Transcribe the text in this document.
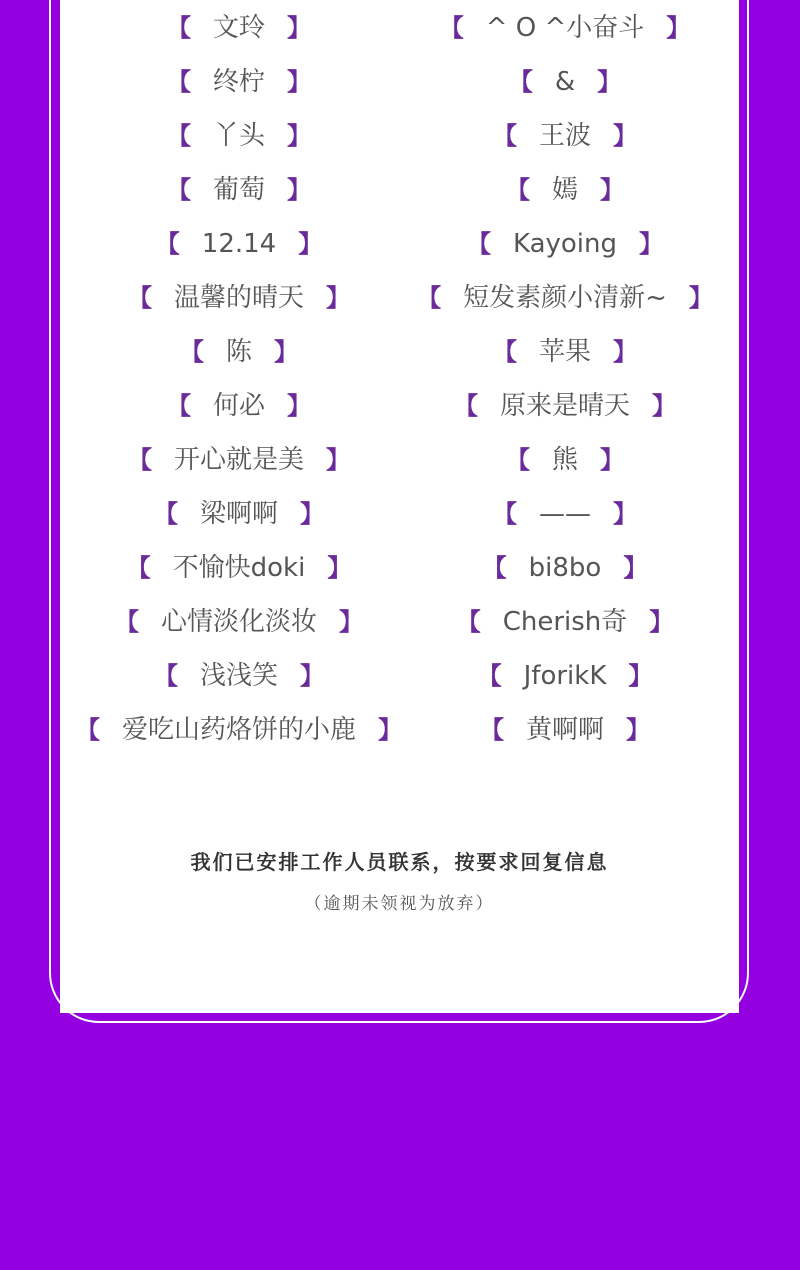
【 文玲 】
【 终柠 】
【 丫头 】
【 葡萄 】
【 12.14 】
【 温馨的晴天 】
【 陈 】
【 何必 】
【 开心就是美 】
【 梁啊啊 】
【 不愉快doki 】
【 心情淡化淡妆 】
【 浅浅笑 】
【 爱吃山药烙饼的小鹿 】
【 ^ O ^小奋斗 】
【 & 】
【 王波 】
【 嫣 】
【 Kayoing 】
【 短发素颜小清新~ 】
【 苹果 】
【 原来是晴天 】
【 熊 】
【 —— 】
【 bi8bo 】
【 Cherish奇 】
【 JforikK 】
【 黄啊啊 】
我们已安排工作人员联系，按要求回复信息
（逾期未领视为放弃）
